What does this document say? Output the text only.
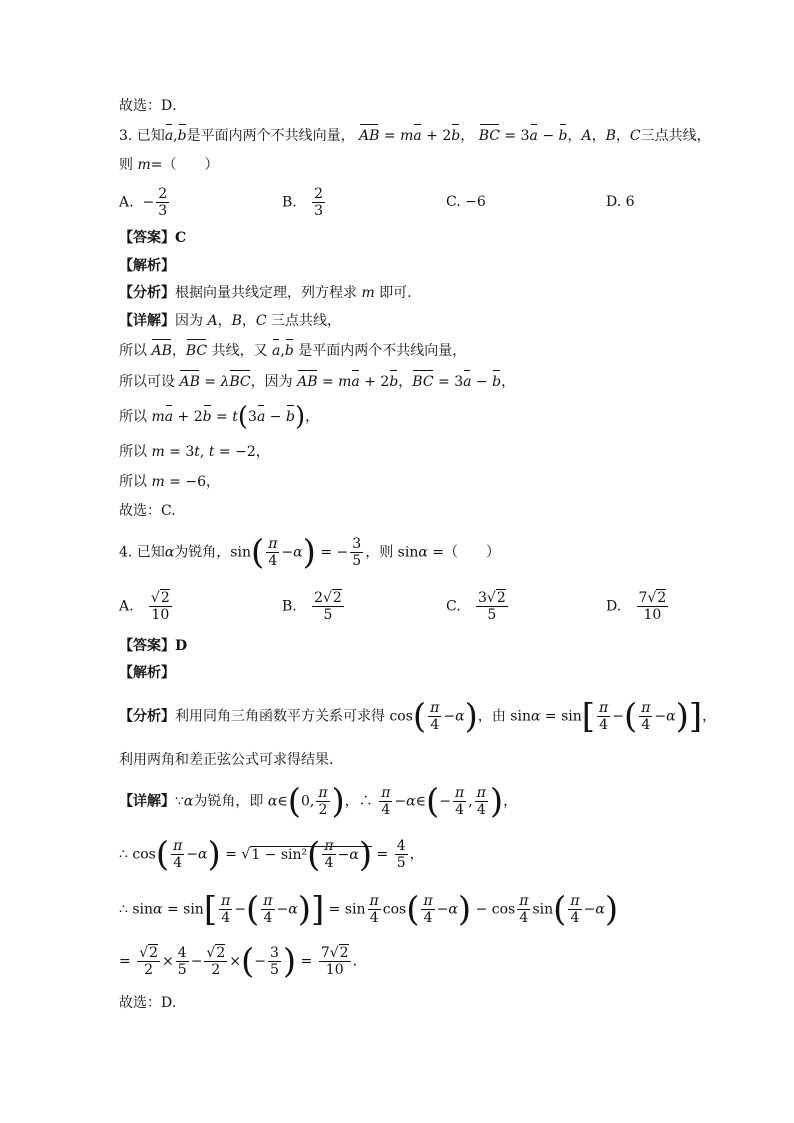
故选：D．
3. 已知a,b是平面内两个不共线向量， AB = ma + 2b， BC = 3a − b，A，B，C三点共线，
则 m=（　　）
A.  − $\frac{2}{3}$	B. $\frac{2}{3}$	C. −6	D. 6
【答案】C
【解析】
【分析】根据向量共线定理，列方程求 m 即可.
【详解】因为 A，B，C 三点共线，
所以 AB，BC 共线，又 a,b 是平面内两个不共线向量，
所以可设 AB = λBC，因为 AB = ma + 2b，BC = 3a − b，
所以 ma + 2b = t(3a − b)，
所以 m = 3t, t = −2，
所以 m = −6，
故选：C.
4. 已知α为锐角，$\sin( \frac{\pi}{4} -\alpha)$ = − $\frac{3}{5}$ ，则 sinα =（　　）
A. $\frac{√2}{10}$	B. $\frac{2√2}{5}$	C. $\frac{3√2}{5}$	D. $\frac{7√2}{10}$
【答案】D
【解析】
【分析】利用同角三角函数平方关系可求得 $\cos( \frac{\pi}{4} -\alpha)$，由 $\sin\alpha = \sin[ \frac{\pi}{4}$ −( $\frac{\pi}{4} -\alpha$)]，
利用两角和差正弦公式可求得结果.
【详解】∵α为锐角，即 α∈(0, $\frac{\pi}{2}$ )，∴ $\frac{\pi}{4}$ −α∈(− $\frac{\pi}{4}$ , $\frac{\pi}{4}$ )，
∴ $\cos( \frac{\pi}{4} -\alpha) = √1 - \sin^2( \frac{\pi}{4} -\alpha) = \frac{4}{5}$ ，
∴ $\sin\alpha = \sin[ \frac{\pi}{4}$ −( $\frac{\pi}{4} -\alpha)] = \sin \frac{\pi}{4} \cos( \frac{\pi}{4} -\alpha) - \cos \frac{\pi}{4} \sin( \frac{\pi}{4} -\alpha)$
= $\frac{√2}{2} \times \frac{4}{5} - \frac{√2}{2}$ ×(− $\frac{3}{5}$ ) = $\frac{7√2}{10}$ .
故选：D.
